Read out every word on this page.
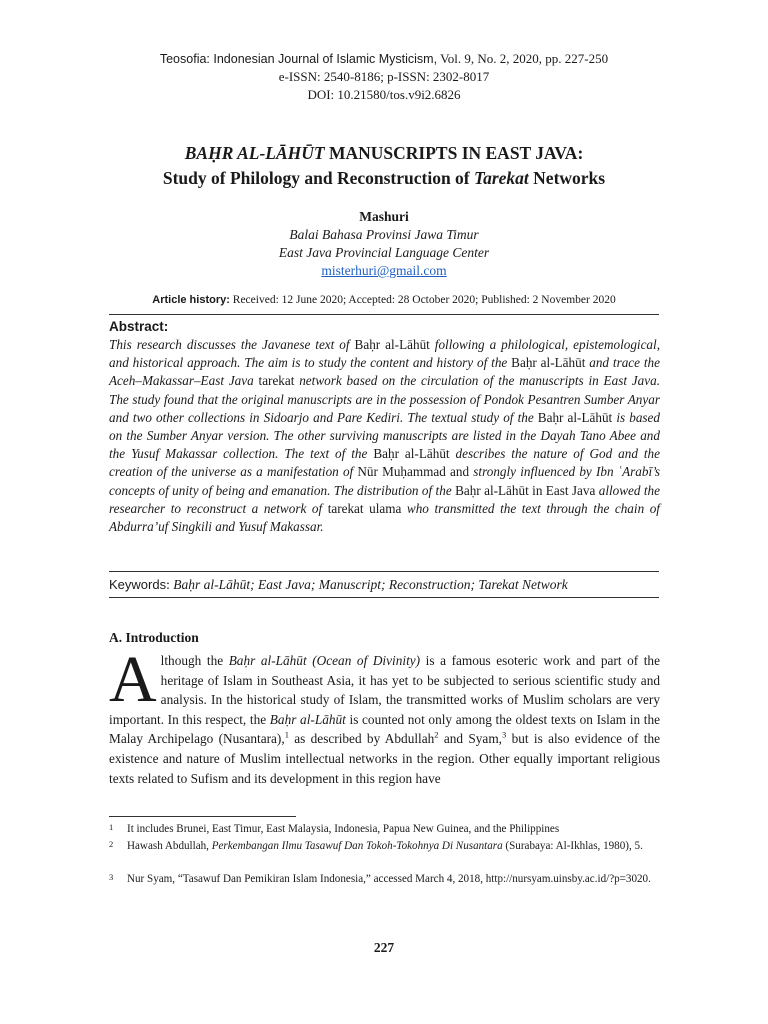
Teosofia: Indonesian Journal of Islamic Mysticism, Vol. 9, No. 2, 2020, pp. 227-250
e-ISSN: 2540-8186; p-ISSN: 2302-8017
DOI: 10.21580/tos.v9i2.6826
BAḤR AL-LĀHŪT MANUSCRIPTS IN EAST JAVA:
Study of Philology and Reconstruction of Tarekat Networks
Mashuri
Balai Bahasa Provinsi Jawa Timur
East Java Provincial Language Center
misterhuri@gmail.com
Article history: Received: 12 June 2020; Accepted: 28 October 2020; Published: 2 November 2020
Abstract:
This research discusses the Javanese text of Baḥr al-Lāhūt following a philological, epistemological, and historical approach. The aim is to study the content and history of the Baḥr al-Lāhūt and trace the Aceh–Makassar–East Java tarekat network based on the circulation of the manuscripts in East Java. The study found that the original manuscripts are in the possession of Pondok Pesantren Sumber Anyar and two other collections in Sidoarjo and Pare Kediri. The textual study of the Baḥr al-Lāhūt is based on the Sumber Anyar version. The other surviving manuscripts are listed in the Dayah Tano Abee and the Yusuf Makassar collection. The text of the Baḥr al-Lāhūt describes the nature of God and the creation of the universe as a manifestation of Nūr Muḥammad and strongly influenced by Ibn ʿArabī’s concepts of unity of being and emanation. The distribution of the Baḥr al-Lāhūt in East Java allowed the researcher to reconstruct a network of tarekat ulama who transmitted the text through the chain of Abdurra’uf Singkili and Yusuf Makassar.
Keywords: Baḥr al-Lāhūt; East Java; Manuscript; Reconstruction; Tarekat Network
A. Introduction
Although the Baḥr al-Lāhūt (Ocean of Divinity) is a famous esoteric work and part of the heritage of Islam in Southeast Asia, it has yet to be subjected to serious scientific study and analysis. In the historical study of Islam, the transmitted works of Muslim scholars are very important. In this respect, the Baḥr al-Lāhūt is counted not only among the oldest texts on Islam in the Malay Archipelago (Nusantara),$^1$ as described by Abdullah$^2$ and Syam,$^3$ but is also evidence of the existence and nature of Muslim intellectual networks in the region. Other equally important religious texts related to Sufism and its development in this region have
1 It includes Brunei, East Timur, East Malaysia, Indonesia, Papua New Guinea, and the Philippines
2 Hawash Abdullah, Perkembangan Ilmu Tasawuf Dan Tokoh-Tokohnya Di Nusantara (Surabaya: Al-Ikhlas, 1980), 5.
3 Nur Syam, “Tasawuf Dan Pemikiran Islam Indonesia,” accessed March 4, 2018, http://nursyam.uinsby.ac.id/?p=3020.
227
